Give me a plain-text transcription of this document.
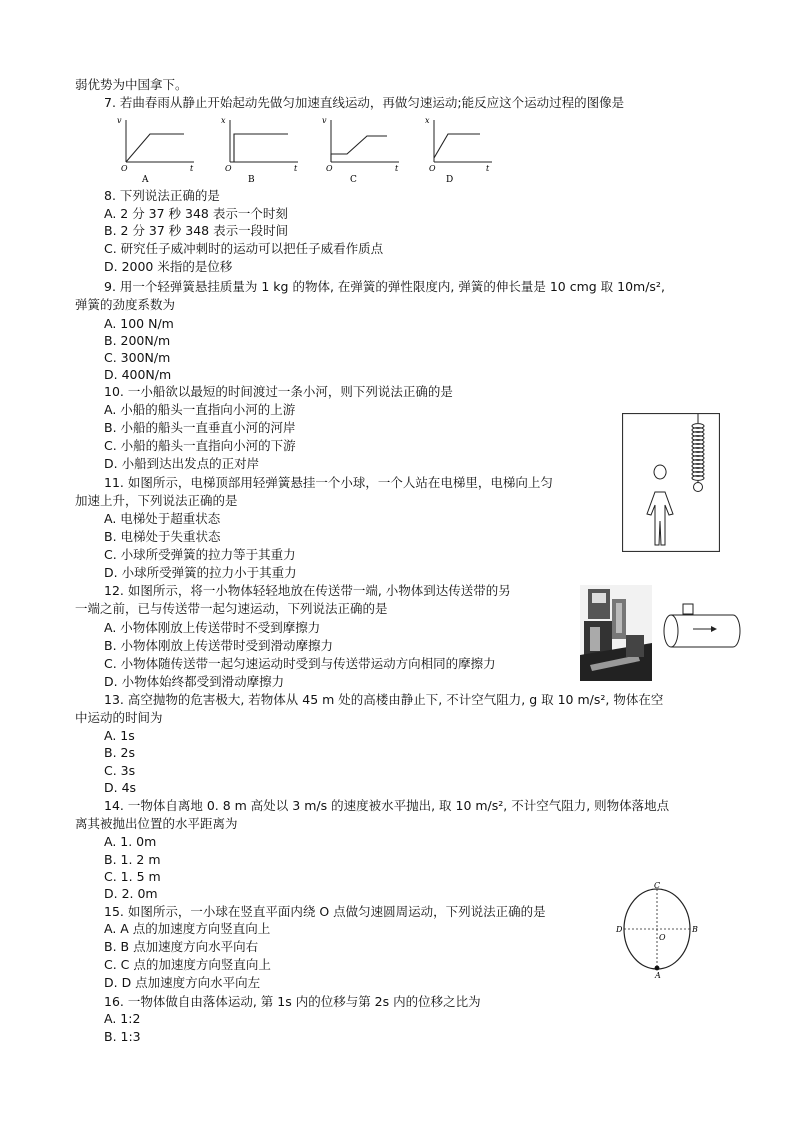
弱优势为中国拿下。
7. 若曲春雨从静止开始起动先做匀加速直线运动，再做匀速运动;能反应这个运动过程的图像是
v
O	t
A
x
O	t
B
v
O	t
C
x
O	t
D
8. 下列说法正确的是
A. 2 分 37 秒 348 表示一个时刻
B. 2 分 37 秒 348 表示一段时间
C. 研究任子威冲刺时的运动可以把任子威看作质点
D. 2000 米指的是位移
9. 用一个轻弹簧悬挂质量为 1 kg 的物体, 在弹簧的弹性限度内, 弹簧的伸长量是 10 cmg 取 10m/s²,
弹簧的劲度系数为
A. 100 N/m
B. 200N/m
C. 300N/m
D. 400N/m
10. 一小船欲以最短的时间渡过一条小河，则下列说法正确的是
A. 小船的船头一直指向小河的上游
B. 小船的船头一直垂直小河的河岸
C. 小船的船头一直指向小河的下游
D. 小船到达出发点的正对岸
11. 如图所示，电梯顶部用轻弹簧悬挂一个小球，一个人站在电梯里，电梯向上匀
加速上升，下列说法正确的是
A. 电梯处于超重状态
B. 电梯处于失重状态
C. 小球所受弹簧的拉力等于其重力
D. 小球所受弹簧的拉力小于其重力
12. 如图所示，将一小物体轻轻地放在传送带一端, 小物体到达传送带的另
一端之前，已与传送带一起匀速运动，下列说法正确的是
A. 小物体刚放上传送带时不受到摩擦力
B. 小物体刚放上传送带时受到滑动摩擦力
C. 小物体随传送带一起匀速运动时受到与传送带运动方向相同的摩擦力
D. 小物体始终都受到滑动摩擦力
13. 高空抛物的危害极大, 若物体从 45 m 处的高楼由静止下, 不计空气阻力, g 取 10 m/s², 物体在空
中运动的时间为
A. 1s
B. 2s
C. 3s
D. 4s
14. 一物体自离地 0. 8 m 高处以 3 m/s 的速度被水平抛出, 取 10 m/s², 不计空气阻力, 则物体落地点
离其被抛出位置的水平距离为
A. 1. 0m
B. 1. 2 m
C. 1. 5 m
D. 2. 0m
C
A
D	B
O
15. 如图所示，一小球在竖直平面内绕 O 点做匀速圆周运动，下列说法正确的是
A. A 点的加速度方向竖直向上
B. B 点加速度方向水平向右
C. C 点的加速度方向竖直向上
D. D 点加速度方向水平向左
16. 一物体做自由落体运动, 第 1s 内的位移与第 2s 内的位移之比为
A. 1:2
B. 1:3
